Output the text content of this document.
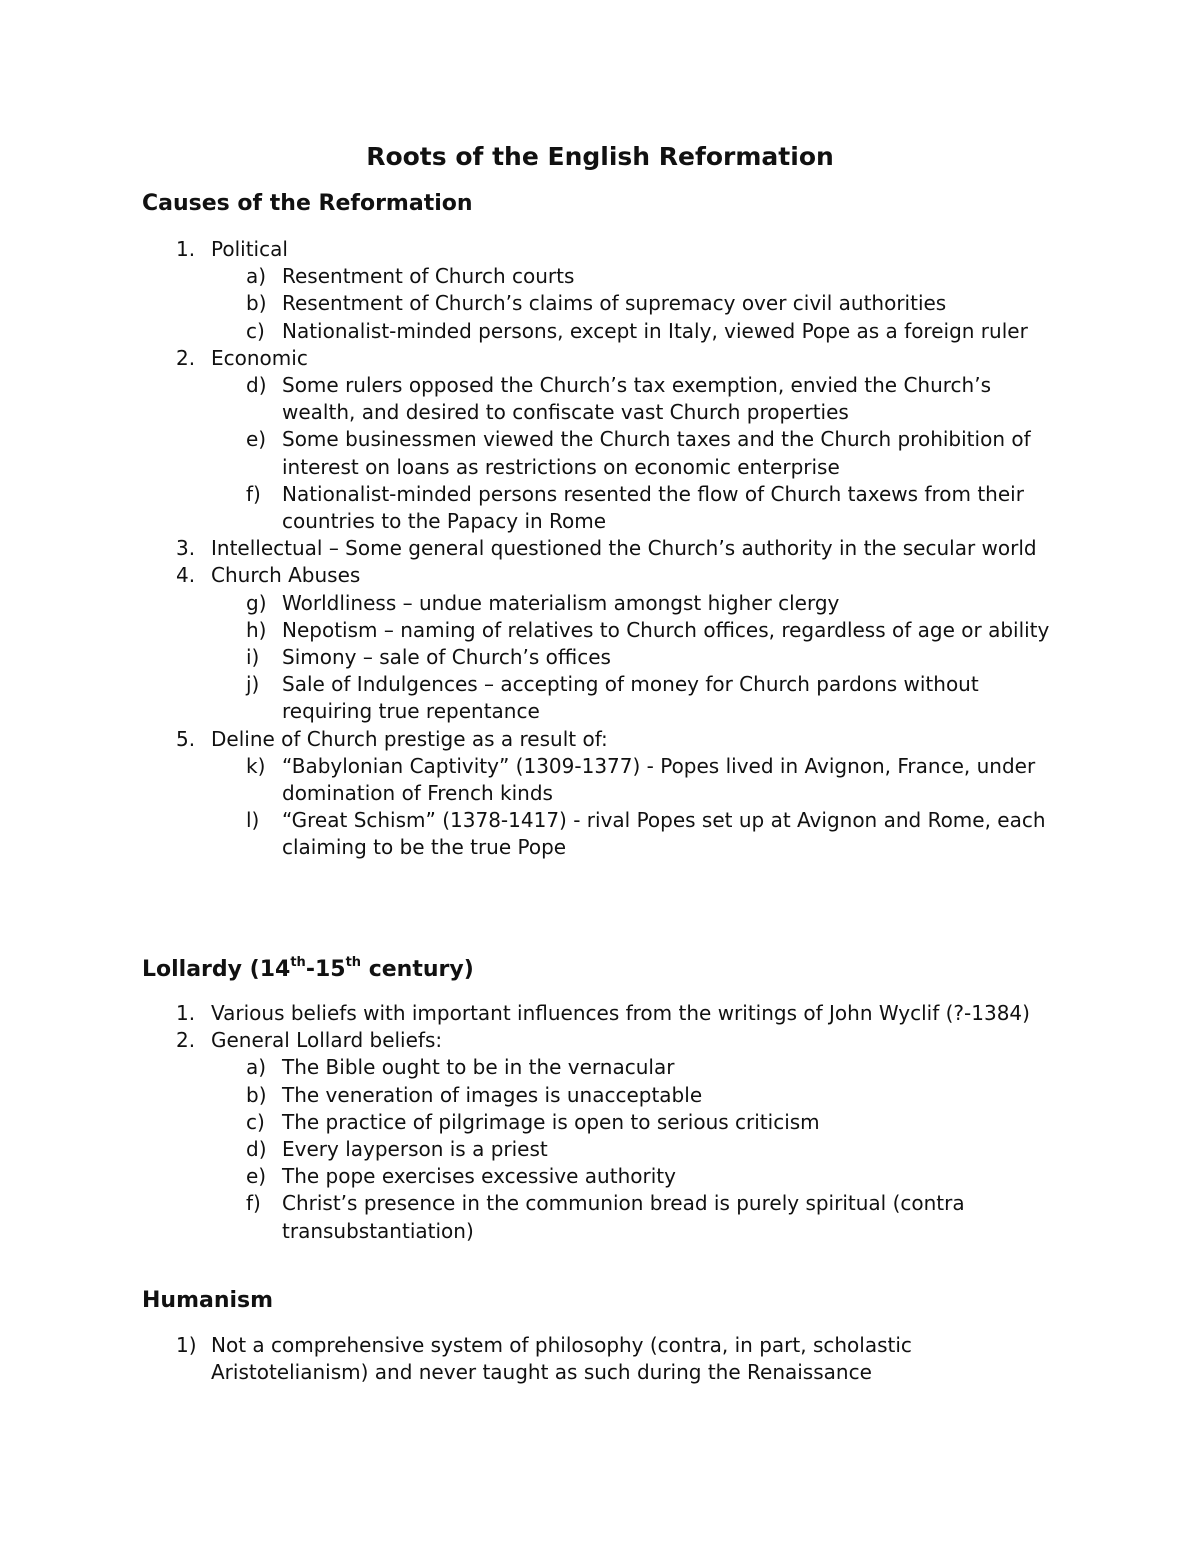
Roots of the English Reformation
Causes of the Reformation
1. Political
a) Resentment of Church courts
b) Resentment of Church’s claims of supremacy over civil authorities
c) Nationalist-minded persons, except in Italy, viewed Pope as a foreign ruler
2. Economic
d) Some rulers opposed the Church’s tax exemption, envied the Church’s wealth, and desired to confiscate vast Church properties
e) Some businessmen viewed the Church taxes and the Church prohibition of interest on loans as restrictions on economic enterprise
f) Nationalist-minded persons resented the flow of Church taxews from their countries to the Papacy in Rome
3. Intellectual – Some general questioned the Church’s authority in the secular world
4. Church Abuses
g) Worldliness – undue materialism amongst higher clergy
h) Nepotism – naming of relatives to Church offices, regardless of age or ability
i) Simony – sale of Church’s offices
j) Sale of Indulgences – accepting of money for Church pardons without requiring true repentance
5. Deline of Church prestige as a result of:
k) “Babylonian Captivity” (1309-1377) - Popes lived in Avignon, France, under domination of French kinds
l) “Great Schism” (1378-1417) - rival Popes set up at Avignon and Rome, each claiming to be the true Pope
Lollardy (14th-15th century)
1. Various beliefs with important influences from the writings of John Wyclif (?-1384)
2. General Lollard beliefs:
a) The Bible ought to be in the vernacular
b) The veneration of images is unacceptable
c) The practice of pilgrimage is open to serious criticism
d) Every layperson is a priest
e) The pope exercises excessive authority
f) Christ’s presence in the communion bread is purely spiritual (contra transubstantiation)
Humanism
1) Not a comprehensive system of philosophy (contra, in part, scholastic Aristotelianism) and never taught as such during the Renaissance
